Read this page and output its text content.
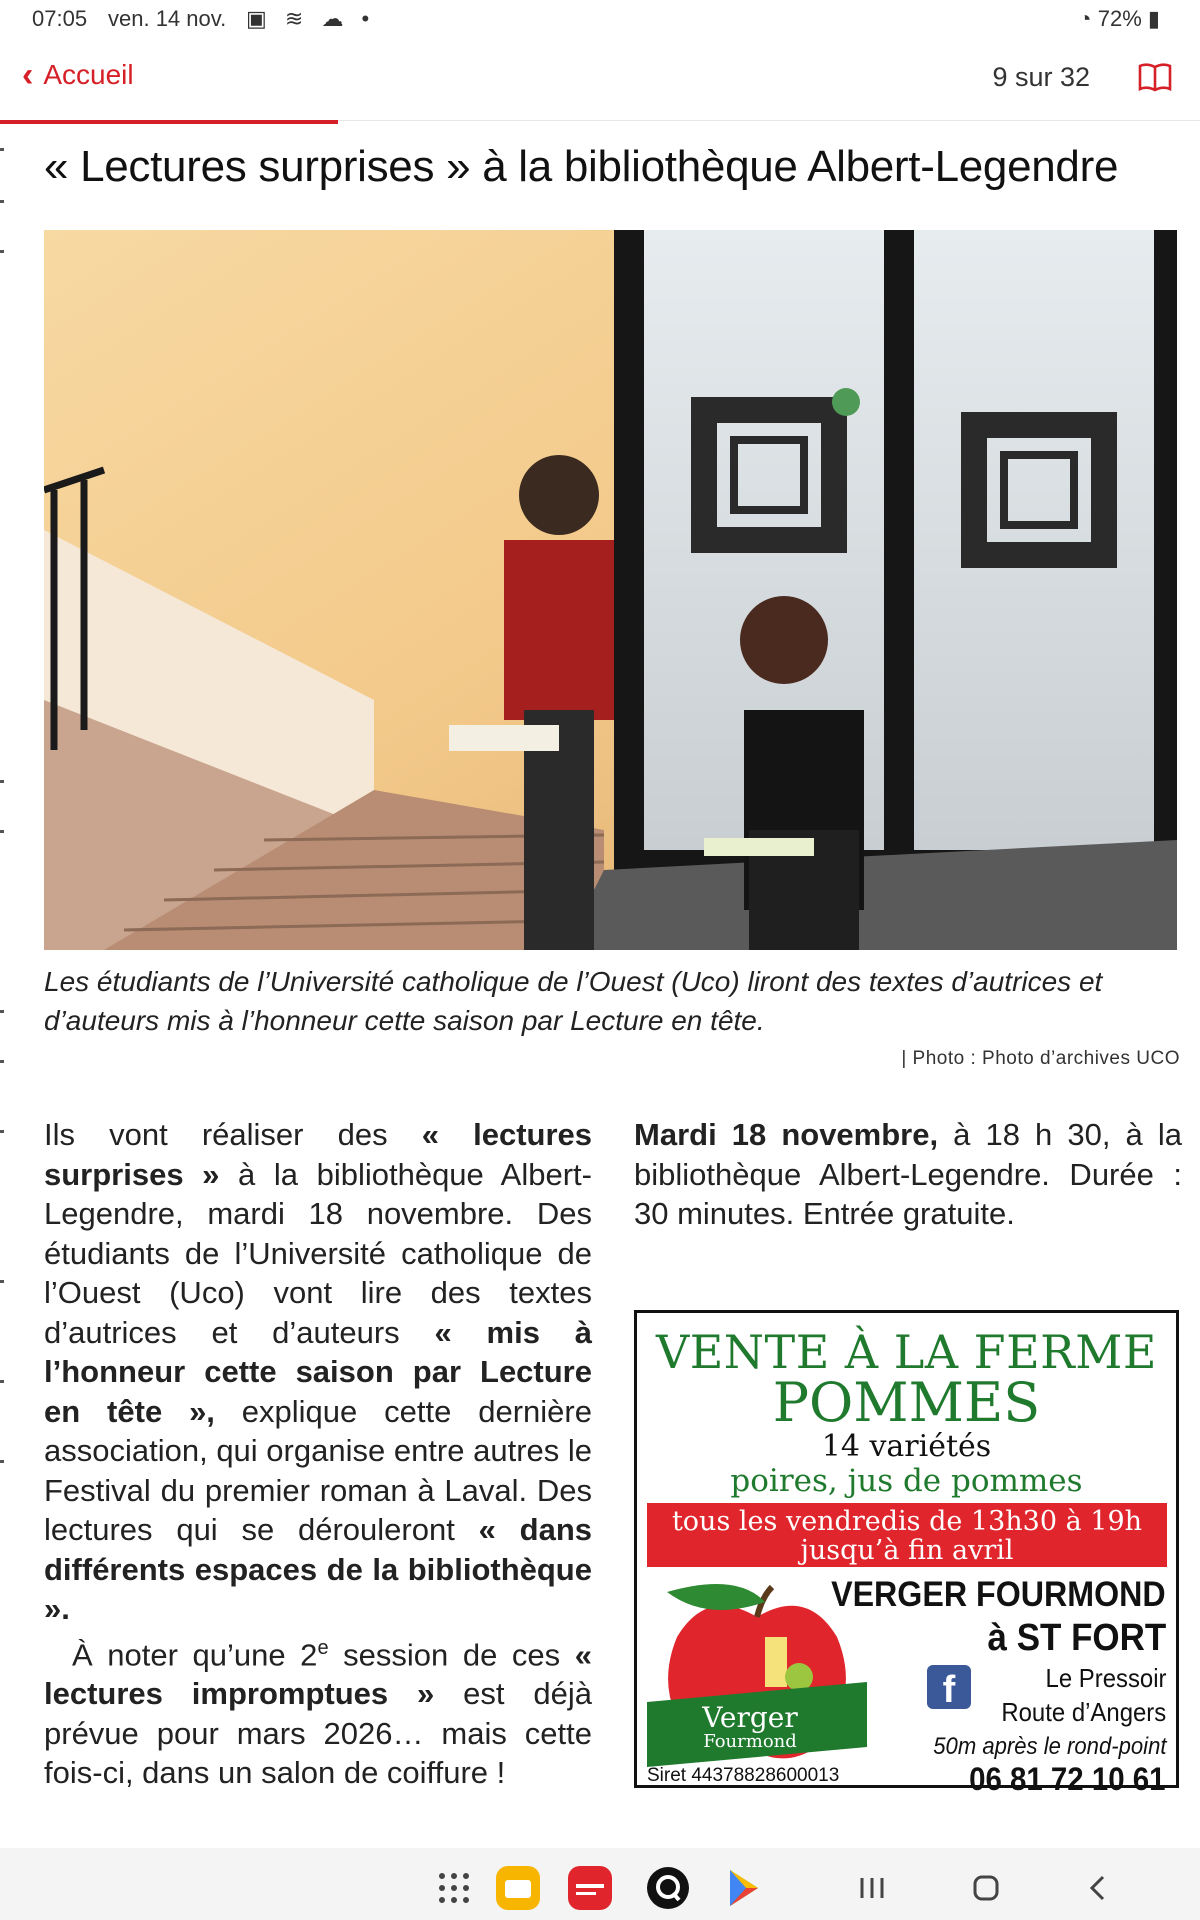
07:05 ven. 14 nov. ▣ ≋ ☁ •	◔ 72% ▮
‹ Accueil	9 sur 32
« Lectures surprises » à la bibliothèque Albert-Legendre
Les étudiants de l’Université catholique de l’Ouest (Uco) liront des textes d’autrices et d’auteurs mis à l’honneur cette saison par Lecture en tête.
| Photo : Photo d’archives UCO

Ils vont réaliser des « lectures surprises » à la bibliothèque Albert-Legendre, mardi 18 novembre. Des étudiants de l’Université catholique de l’Ouest (Uco) vont lire des textes d’autrices et d’auteurs « mis à l’honneur cette saison par Lecture en tête », explique cette dernière association, qui organise entre autres le Festival du premier roman à Laval. Des lectures qui se dérouleront « dans différents espaces de la bibliothèque ».

À noter qu’une 2e session de ces « lectures impromptues » est déjà prévue pour mars 2026… mais cette fois-ci, dans un salon de coiffure !

Mardi 18 novembre, à 18 h 30, à la bibliothèque Albert-Legendre. Durée : 30 minutes. Entrée gratuite.
VENTE À LA FERME
POMMES
14 variétés
poires, jus de pommes
tous les vendredis de 13h30 à 19h
jusqu’à fin avril
Verger
Fourmond
VERGER FOURMOND
à ST FORT
f	Le Pressoir
Route d’Angers
50m après le rond-point
06 81 72 10 61
Siret 44378828600013
